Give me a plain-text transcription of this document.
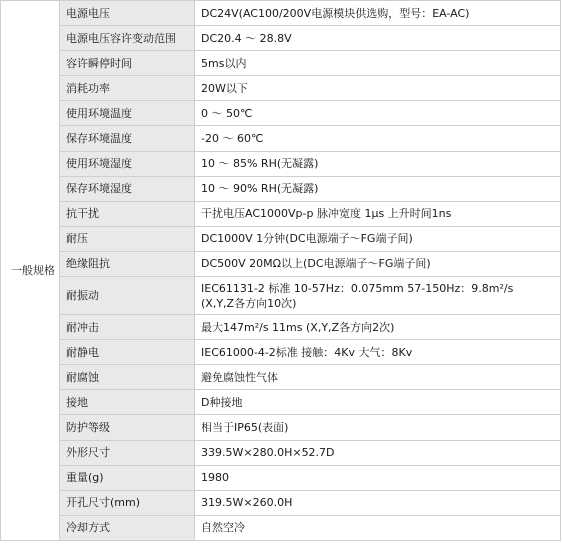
一般规格	电源电压	DC24V(AC100/200V电源模块供选购，型号：EA-AC)

	电源电压容许变动范围	DC20.4 ～ 28.8V

	容许瞬停时间	5ms以内

	消耗功率	20W以下

	使用环境温度	0 ～ 50℃

	保存环境温度	-20 ～ 60℃

	使用环境湿度	10 ～ 85% RH(无凝露)

	保存环境湿度	10 ～ 90% RH(无凝露)

	抗干扰	干扰电压AC1000Vp-p 脉冲宽度 1μs 上升时间1ns

	耐压	DC1000V 1分钟(DC电源端子～FG端子间)

	绝缘阻抗	DC500V 20MΩ以上(DC电源端子～FG端子间)

	耐振动	IEC61131-2 标准 10-57Hz：0.075mm 57-150Hz：9.8m²/s
(X,Y,Z各方向10次)

	耐冲击	最大147m²/s 11ms (X,Y,Z各方向2次)

	耐静电	IEC61000-4-2标准 接触：4Kv 大气：8Kv

	耐腐蚀	避免腐蚀性气体

	接地	D种接地

	防护等级	相当于IP65(表面)

	外形尺寸	339.5W×280.0H×52.7D

	重量(g)	1980

	开孔尺寸(mm)	319.5W×260.0H

	冷却方式	自然空冷
